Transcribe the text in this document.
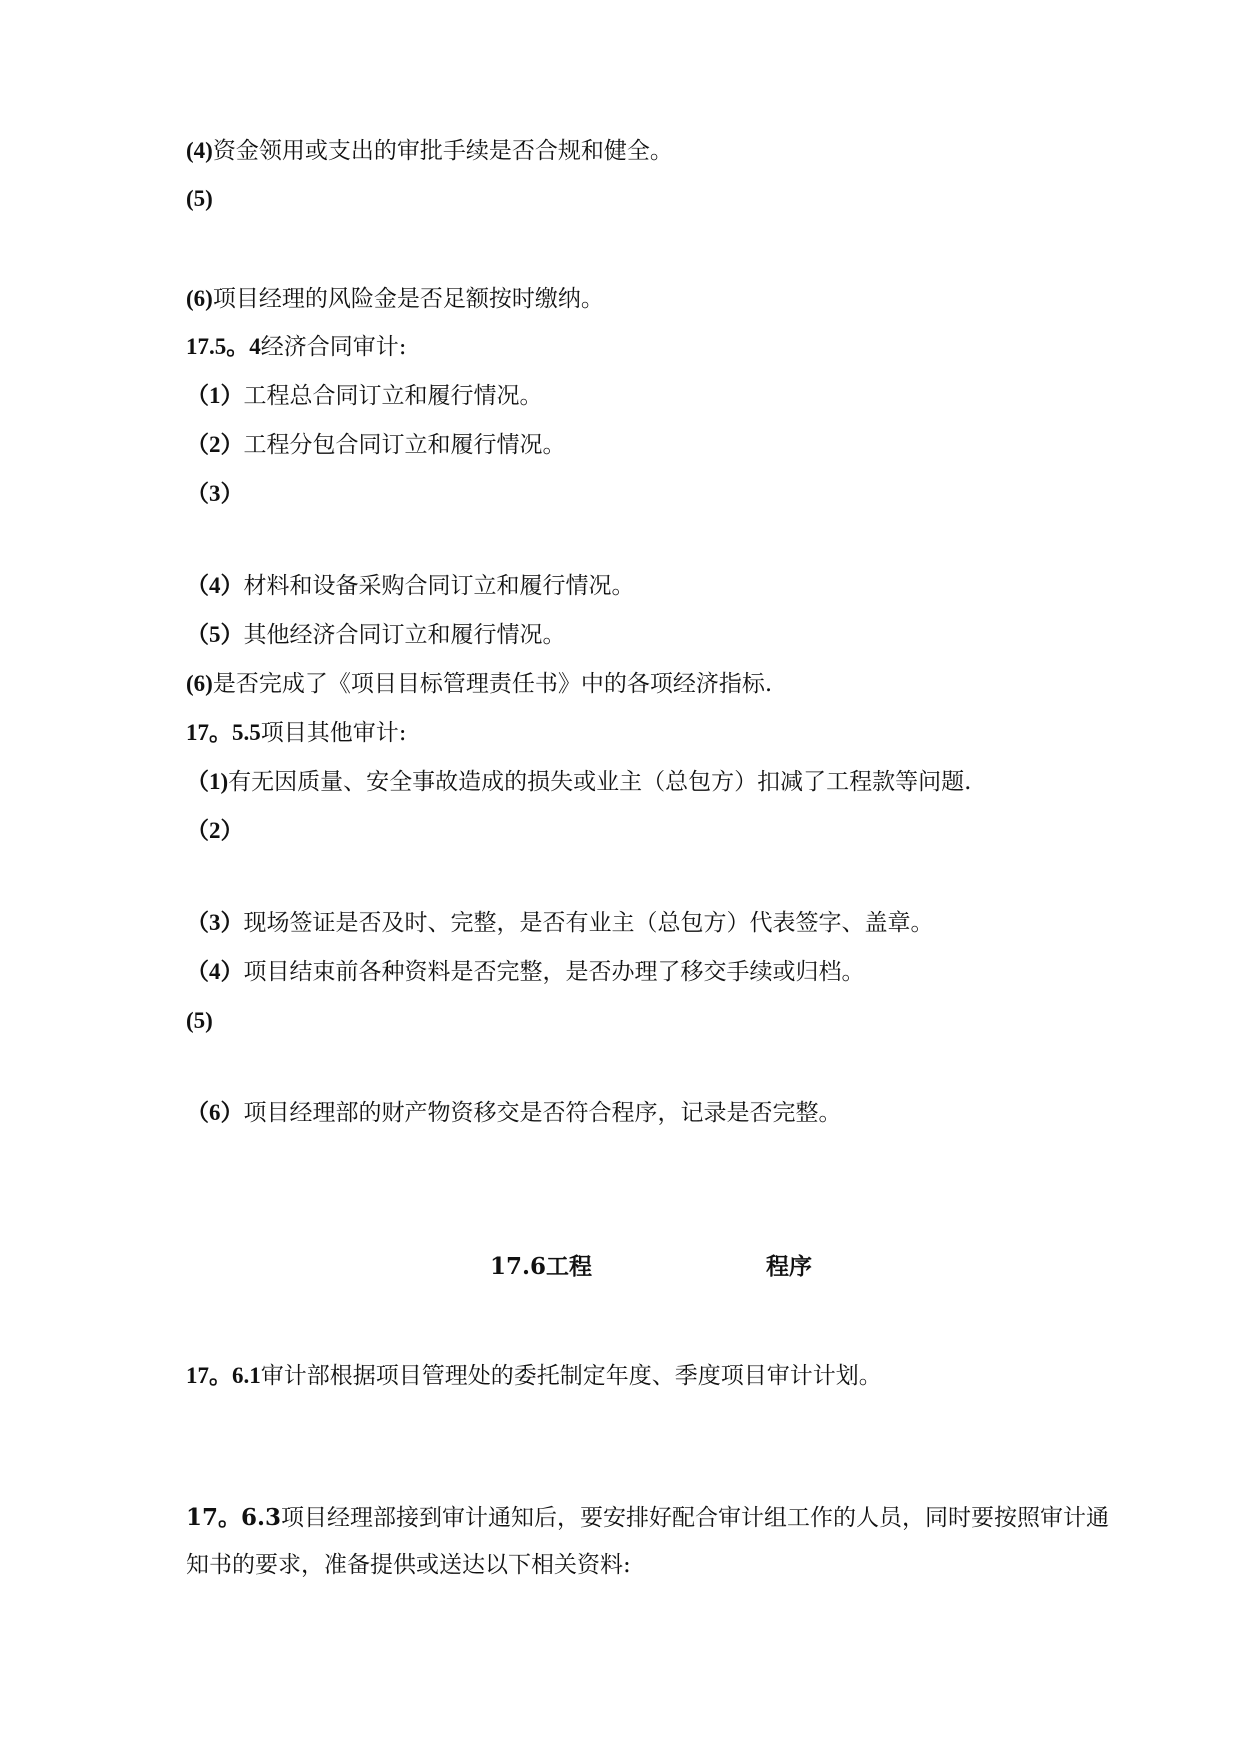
(4)资金领用或支出的审批手续是否合规和健全。

(5)

(6)项目经理的风险金是否足额按时缴纳。

17.5。4经济合同审计:

（1）工程总合同订立和履行情况。

（2）工程分包合同订立和履行情况。

（3）

（4）材料和设备采购合同订立和履行情况。

（5）其他经济合同订立和履行情况。

(6)是否完成了《项目目标管理责任书》中的各项经济指标.

17。5.5项目其他审计:

（1)有无因质量、安全事故造成的损失或业主（总包方）扣减了工程款等问题.

（2）

（3）现场签证是否及时、完整，是否有业主（总包方）代表签字、盖章。

（4）项目结束前各种资料是否完整，是否办理了移交手续或归档。

(5)

（6）项目经理部的财产物资移交是否符合程序，记录是否完整。

17.6工程	程序

17。6.1审计部根据项目管理处的委托制定年度、季度项目审计计划。

17。6.3项目经理部接到审计通知后，要安排好配合审计组工作的人员，同时要按照审计通知书的要求，准备提供或送达以下相关资料:
